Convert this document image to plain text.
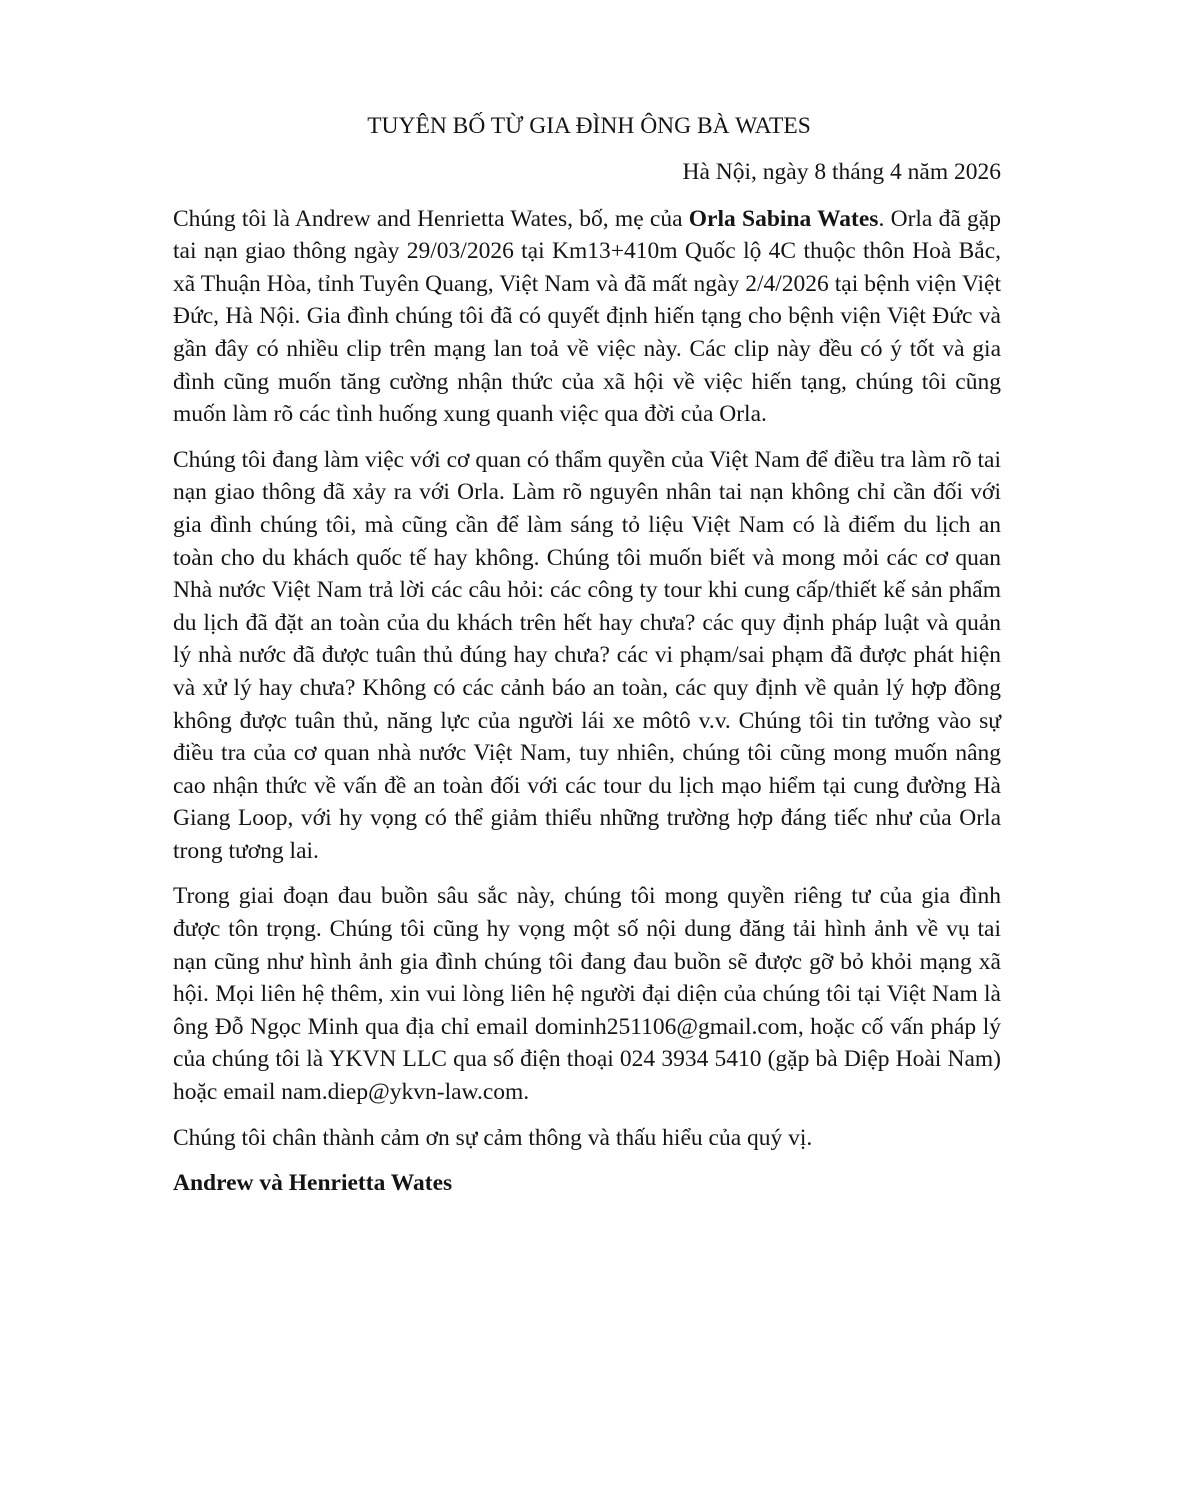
TUYÊN BỐ TỪ GIA ĐÌNH ÔNG BÀ WATES

Hà Nội, ngày 8 tháng 4 năm 2026

Chúng tôi là Andrew and Henrietta Wates, bố, mẹ của Orla Sabina Wates. Orla đã gặp tai nạn giao thông ngày 29/03/2026 tại Km13+410m Quốc lộ 4C thuộc thôn Hoà Bắc, xã Thuận Hòa, tỉnh Tuyên Quang, Việt Nam và đã mất ngày 2/4/2026 tại bệnh viện Việt Đức, Hà Nội. Gia đình chúng tôi đã có quyết định hiến tạng cho bệnh viện Việt Đức và gần đây có nhiều clip trên mạng lan toả về việc này. Các clip này đều có ý tốt và gia đình cũng muốn tăng cường nhận thức của xã hội về việc hiến tạng, chúng tôi cũng muốn làm rõ các tình huống xung quanh việc qua đời của Orla.

Chúng tôi đang làm việc với cơ quan có thẩm quyền của Việt Nam để điều tra làm rõ tai nạn giao thông đã xảy ra với Orla. Làm rõ nguyên nhân tai nạn không chỉ cần đối với gia đình chúng tôi, mà cũng cần để làm sáng tỏ liệu Việt Nam có là điểm du lịch an toàn cho du khách quốc tế hay không. Chúng tôi muốn biết và mong mỏi các cơ quan Nhà nước Việt Nam trả lời các câu hỏi: các công ty tour khi cung cấp/thiết kế sản phẩm du lịch đã đặt an toàn của du khách trên hết hay chưa? các quy định pháp luật và quản lý nhà nước đã được tuân thủ đúng hay chưa? các vi phạm/sai phạm đã được phát hiện và xử lý hay chưa? Không có các cảnh báo an toàn, các quy định về quản lý hợp đồng không được tuân thủ, năng lực của người lái xe môtô v.v. Chúng tôi tin tưởng vào sự điều tra của cơ quan nhà nước Việt Nam, tuy nhiên, chúng tôi cũng mong muốn nâng cao nhận thức về vấn đề an toàn đối với các tour du lịch mạo hiểm tại cung đường Hà Giang Loop, với hy vọng có thể giảm thiểu những trường hợp đáng tiếc như của Orla trong tương lai.

Trong giai đoạn đau buồn sâu sắc này, chúng tôi mong quyền riêng tư của gia đình được tôn trọng. Chúng tôi cũng hy vọng một số nội dung đăng tải hình ảnh về vụ tai nạn cũng như hình ảnh gia đình chúng tôi đang đau buồn sẽ được gỡ bỏ khỏi mạng xã hội. Mọi liên hệ thêm, xin vui lòng liên hệ người đại diện của chúng tôi tại Việt Nam là ông Đỗ Ngọc Minh qua địa chỉ email dominh251106@gmail.com, hoặc cố vấn pháp lý của chúng tôi là YKVN LLC qua số điện thoại 024 3934 5410 (gặp bà Diệp Hoài Nam) hoặc email nam.diep@ykvn-law.com.

Chúng tôi chân thành cảm ơn sự cảm thông và thấu hiểu của quý vị.

Andrew và Henrietta Wates
